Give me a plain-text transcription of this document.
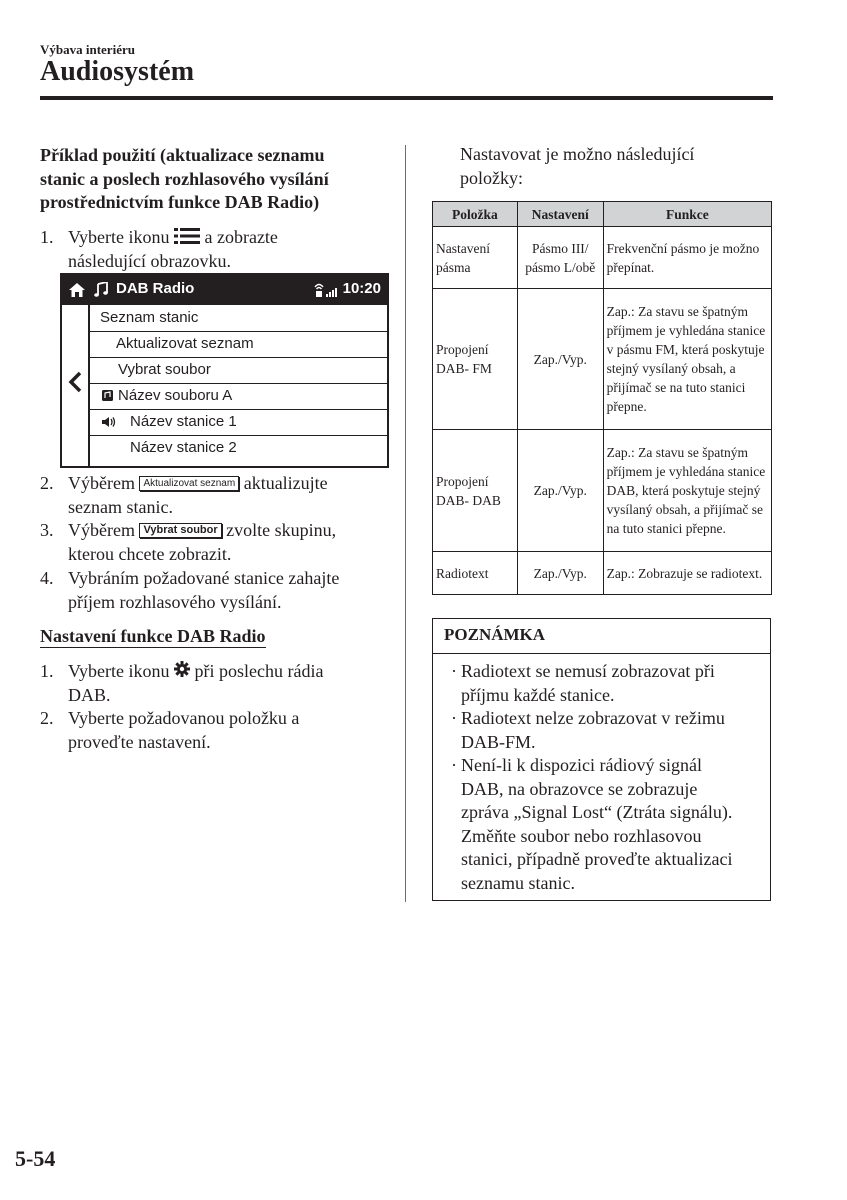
Výbava interiéru
Audiosystém
Příklad použití (aktualizace seznamu
stanic a poslech rozhlasového vysílání
prostřednictvím funkce DAB Radio)
1. Vyberte ikonu a zobrazte
následující obrazovku.
DAB Radio	10:20
Seznam stanic
Aktualizovat seznam
Vybrat soubor
Název souboru A
Název stanice 1
Název stanice 2
2. Výběrem Aktualizovat seznam aktualizujte
seznam stanic.
3. Výběrem Vybrat soubor zvolte skupinu,
kterou chcete zobrazit.
4. Vybráním požadované stanice zahajte
příjem rozhlasového vysílání.
Nastavení funkce DAB Radio
1. Vyberte ikonu při poslechu rádia
DAB.
2. Vyberte požadovanou položku a
proveďte nastavení.
Nastavovat je možno následující
položky:
Položka	Nastavení	Funkce
Nastavení pásma	Pásmo III/ pásmo L/obě	Frekvenční pásmo je možno přepínat.
Propojení DAB- FM	Zap./Vyp.	Zap.: Za stavu se špatným příjmem je vyhledána stanice v pásmu FM, která poskytuje stejný vysílaný obsah, a přijímač se na tuto stanici přepne.
Propojení DAB- DAB	Zap./Vyp.	Zap.: Za stavu se špatným příjmem je vyhledána stanice DAB, která poskytuje stejný vysílaný obsah, a přijímač se na tuto stanici přepne.
Radiotext	Zap./Vyp.	Zap.: Zobrazuje se radiotext.
POZNÁMKA
· Radiotext se nemusí zobrazovat při
příjmu každé stanice.
· Radiotext nelze zobrazovat v režimu
DAB-FM.
· Není-li k dispozici rádiový signál
DAB, na obrazovce se zobrazuje
zpráva „Signal Lost“ (Ztráta signálu).
Změňte soubor nebo rozhlasovou
stanici, případně proveďte aktualizaci
seznamu stanic.
5-54
